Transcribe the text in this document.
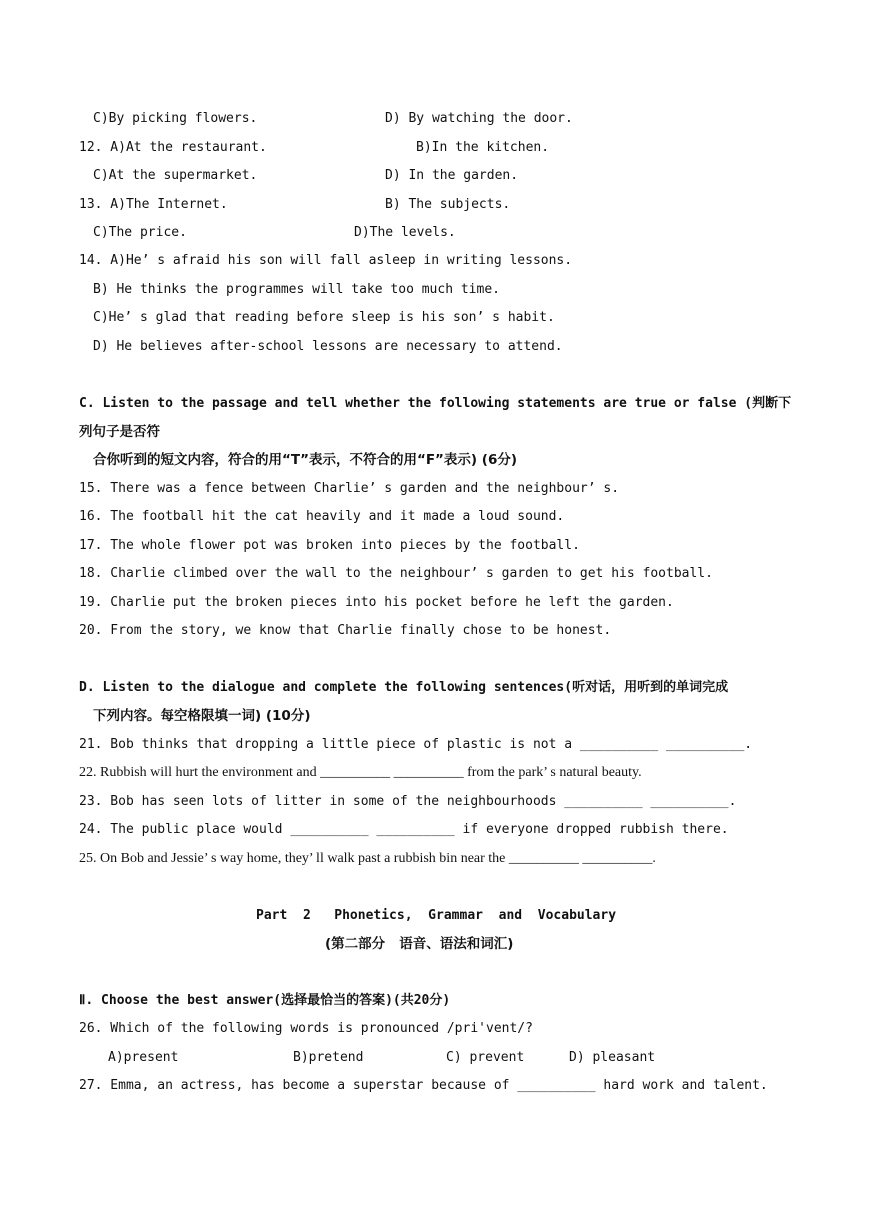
C)By picking flowers.	D) By watching the door.
12. A)At the restaurant.	B)In the kitchen.
C)At the supermarket.	D) In the garden.
13. A)The Internet.	B) The subjects.
C)The price.	D)The levels.
14. A)He’ s afraid his son will fall asleep in writing lessons.
B) He thinks the programmes will take too much time.
C)He’ s glad that reading before sleep is his son’ s habit.
D) He believes after-school lessons are necessary to attend.
C. Listen to the passage and tell whether the following statements are true or false (判断下
列句子是否符
合你听到的短文内容，符合的用“T”表示，不符合的用“F”表示) (6分)
15. There was a fence between Charlie’ s garden and the neighbour’ s.
16. The football hit the cat heavily and it made a loud sound.
17. The whole flower pot was broken into pieces by the football.
18. Charlie climbed over the wall to the neighbour’ s garden to get his football.
19. Charlie put the broken pieces into his pocket before he left the garden.
20. From the story, we know that Charlie finally chose to be honest.
D. Listen to the dialogue and complete the following sentences(听对话，用听到的单词完成
下列内容。每空格限填一词) (10分)
21. Bob thinks that dropping a little piece of plastic is not a __________ __________.
22. Rubbish will hurt the environment and __________ __________ from the park’ s natural beauty.
23. Bob has seen lots of litter in some of the neighbourhoods __________ __________.
24. The public place would __________ __________ if everyone dropped rubbish there.
25. On Bob and Jessie’ s way home, they’ ll walk past a rubbish bin near the __________ __________.
Part  2   Phonetics,  Grammar  and  Vocabulary
(第二部分   语音、语法和词汇)
Ⅱ. Choose the best answer(选择最恰当的答案)(共20分)
26. Which of the following words is pronounced /pri'vent/?
A)present	B)pretend	C) prevent	D) pleasant
27. Emma, an actress, has become a superstar because of __________ hard work and talent.
